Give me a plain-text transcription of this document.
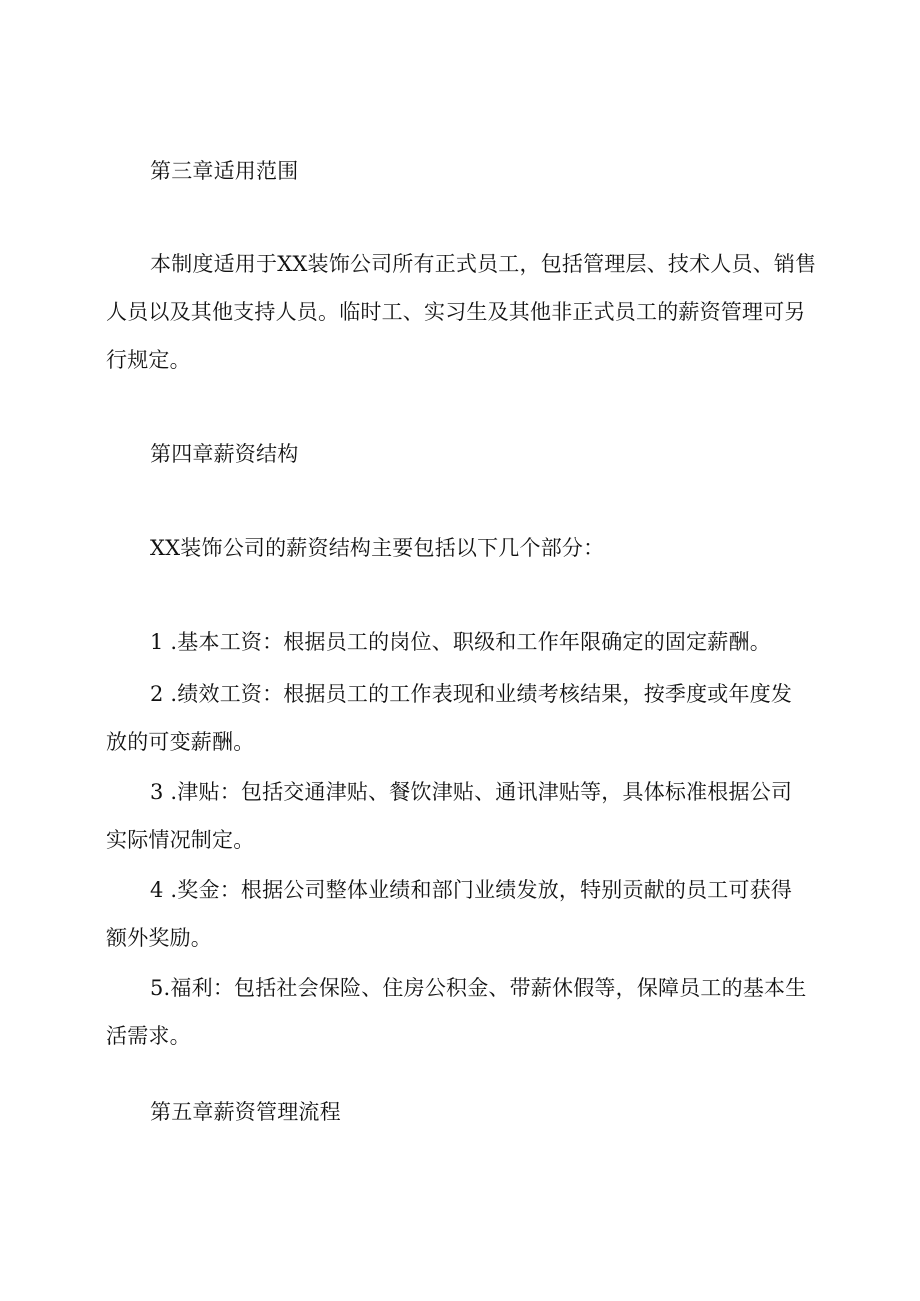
第三章适用范围
本制度适用于XX装饰公司所有正式员工，包括管理层、技术人员、销售
人员以及其他支持人员。临时工、实习生及其他非正式员工的薪资管理可另
行规定。
第四章薪资结构
XX装饰公司的薪资结构主要包括以下几个部分：
1 .基本工资：根据员工的岗位、职级和工作年限确定的固定薪酬。
2 .绩效工资：根据员工的工作表现和业绩考核结果，按季度或年度发
放的可变薪酬。
3 .津贴：包括交通津贴、餐饮津贴、通讯津贴等，具体标准根据公司
实际情况制定。
4 .奖金：根据公司整体业绩和部门业绩发放，特别贡献的员工可获得
额外奖励。
5.福利：包括社会保险、住房公积金、带薪休假等，保障员工的基本生
活需求。
第五章薪资管理流程
